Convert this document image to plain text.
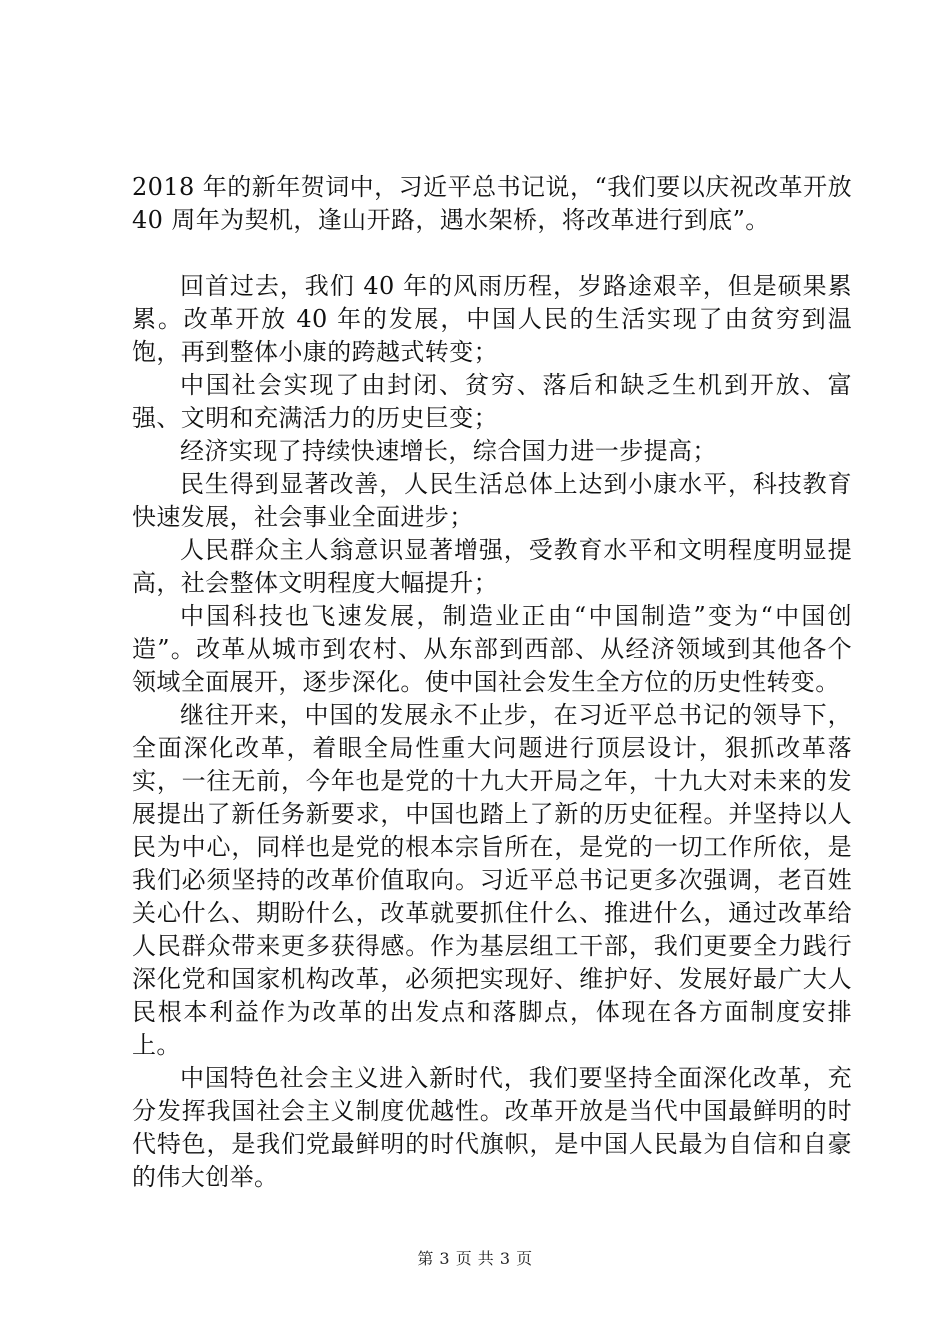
2018 年的新年贺词中，习近平总书记说，“我们要以庆祝改革开放 40 周年为契机，逢山开路，遇水架桥，将改革进行到底”。

回首过去，我们 40 年的风雨历程，岁路途艰辛，但是硕果累累。改革开放 40 年的发展，中国人民的生活实现了由贫穷到温饱，再到整体小康的跨越式转变；

中国社会实现了由封闭、贫穷、落后和缺乏生机到开放、富强、文明和充满活力的历史巨变；

经济实现了持续快速增长，综合国力进一步提高；

民生得到显著改善，人民生活总体上达到小康水平，科技教育快速发展，社会事业全面进步；

人民群众主人翁意识显著增强，受教育水平和文明程度明显提高，社会整体文明程度大幅提升；

中国科技也飞速发展，制造业正由“中国制造”变为“中国创造”。改革从城市到农村、从东部到西部、从经济领域到其他各个领域全面展开，逐步深化。使中国社会发生全方位的历史性转变。

继往开来，中国的发展永不止步，在习近平总书记的领导下，全面深化改革，着眼全局性重大问题进行顶层设计，狠抓改革落实，一往无前，今年也是党的十九大开局之年，十九大对未来的发展提出了新任务新要求，中国也踏上了新的历史征程。并坚持以人民为中心，同样也是党的根本宗旨所在，是党的一切工作所依，是我们必须坚持的改革价值取向。习近平总书记更多次强调，老百姓关心什么、期盼什么，改革就要抓住什么、推进什么，通过改革给人民群众带来更多获得感。作为基层组工干部，我们更要全力践行深化党和国家机构改革，必须把实现好、维护好、发展好最广大人民根本利益作为改革的出发点和落脚点，体现在各方面制度安排上。

中国特色社会主义进入新时代，我们要坚持全面深化改革，充分发挥我国社会主义制度优越性。改革开放是当代中国最鲜明的时代特色，是我们党最鲜明的时代旗帜，是中国人民最为自信和自豪的伟大创举。

第 3 页 共 3 页
